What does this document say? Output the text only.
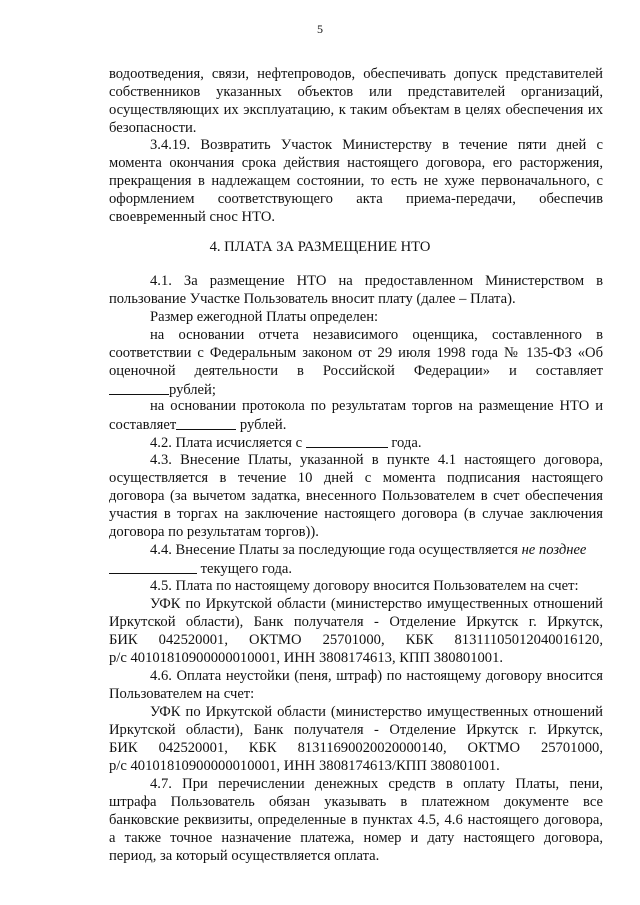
5
водоотведения, связи, нефтепроводов, обеспечивать допуск представителей
собственников указанных объектов или представителей организаций,
осуществляющих их эксплуатацию, к таким объектам в целях обеспечения их
безопасности.
3.4.19. Возвратить Участок Министерству в течение пяти дней с
момента окончания срока действия настоящего договора, его расторжения,
прекращения в надлежащем состоянии, то есть не хуже первоначального, с
оформлением соответствующего акта приема-передачи, обеспечив
своевременный снос НТО.
4. ПЛАТА ЗА РАЗМЕЩЕНИЕ НТО
4.1. За размещение НТО на предоставленном Министерством в
пользование Участке Пользователь вносит плату (далее – Плата).
Размер ежегодной Платы определен:
на основании отчета независимого оценщика, составленного в
соответствии с Федеральным законом от 29 июля 1998 года № 135-ФЗ «Об
оценочной деятельности в Российской Федерации» и составляет
рублей;
на основании протокола по результатам торгов на размещение НТО и
составляет	рублей.
4.2. Плата исчисляется с	года.
4.3. Внесение Платы, указанной в пункте 4.1 настоящего договора,
осуществляется в течение 10 дней с момента подписания настоящего
договора (за вычетом задатка, внесенного Пользователем в счет обеспечения
участия в торгах на заключение настоящего договора (в случае заключения
договора по результатам торгов)).
4.4. Внесение Платы за последующие года осуществляется не позднее
текущего года.
4.5. Плата по настоящему договору вносится Пользователем на счет:
УФК по Иркутской области (министерство имущественных отношений
Иркутской области), Банк получателя - Отделение Иркутск г. Иркутск,
БИК 042520001, ОКТМО 25701000, КБК 81311105012040016120,
р/с 40101810900000010001, ИНН 3808174613, КПП 380801001.
4.6. Оплата неустойки (пеня, штраф) по настоящему договору вносится
Пользователем на счет:
УФК по Иркутской области (министерство имущественных отношений
Иркутской области), Банк получателя - Отделение Иркутск г. Иркутск,
БИК 042520001, КБК 81311690020020000140, ОКТМО 25701000,
р/с 40101810900000010001, ИНН 3808174613/КПП 380801001.
4.7. При перечислении денежных средств в оплату Платы, пени,
штрафа Пользователь обязан указывать в платежном документе все
банковские реквизиты, определенные в пунктах 4.5, 4.6 настоящего договора,
а также точное назначение платежа, номер и дату настоящего договора,
период, за который осуществляется оплата.
